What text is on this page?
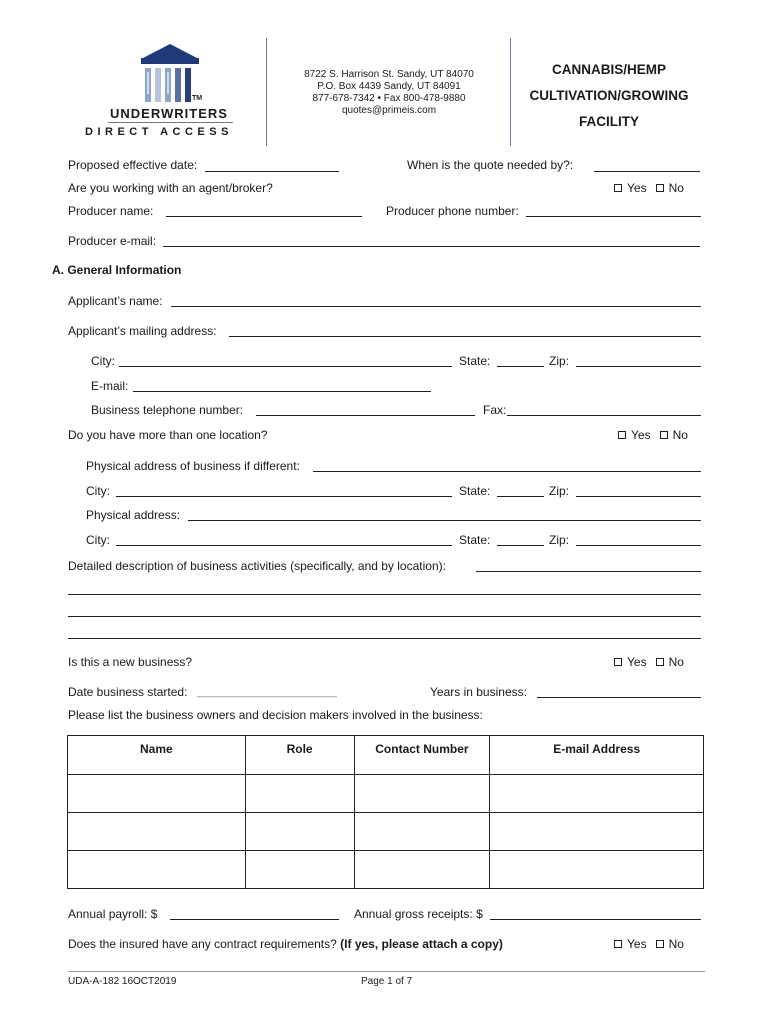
TM
UNDERWRITERS
DIRECT ACCESS
8722 S. Harrison St. Sandy, UT 84070
P.O. Box 4439 Sandy, UT 84091
877-678-7342 • Fax 800-478-9880
quotes@primeis.com
CANNABIS/HEMP
CULTIVATION/GROWING
FACILITY
Proposed effective date:	When is the quote needed by?:
Are you working with an agent/broker?	Yes No
Producer name:	Producer phone number:
Producer e-mail:
A. General Information
Applicant’s name:
Applicant’s mailing address:
City:	State:	Zip:
E-mail:
Business telephone number:	Fax:
Do you have more than one location?	Yes No
Physical address of business if different:
City:	State:	Zip:
Physical address:
City:	State:	Zip:
Detailed description of business activities (specifically, and by location):
Is this a new business?	Yes No
Date business started: ________________________	Years in business:
Please list the business owners and decision makers involved in the business:
Name	Role	Contact Number	E-mail Address

Annual payroll: $	Annual gross receipts: $
Does the insured have any contract requirements? (If yes, please attach a copy)	Yes No
UDA-A-182 16OCT2019	Page 1 of 7
